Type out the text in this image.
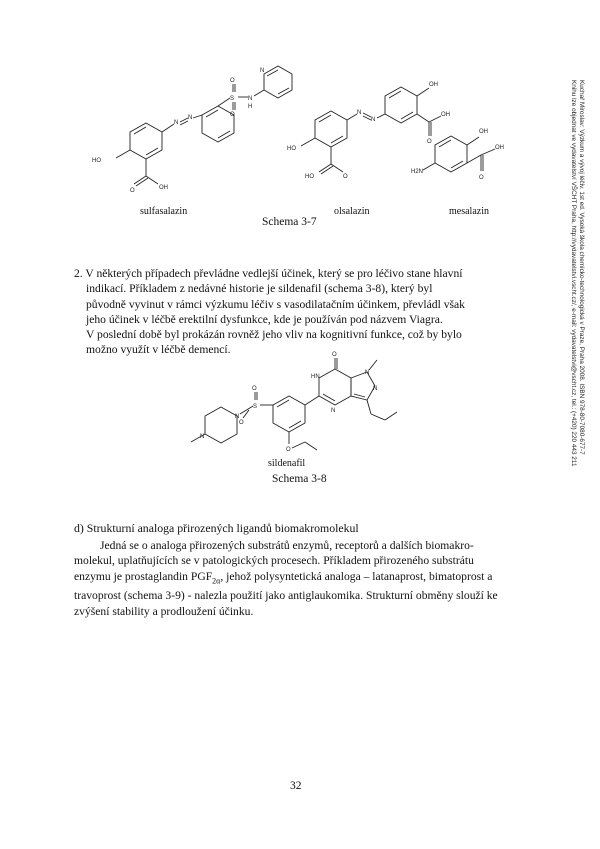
Kuchař Miroslav: Výzkum a vývoj léčiv. 1st ed. Vysoká škola chemicko-technologická v Praze, Praha 2008. ISBN 978-80-7080-677-7
Knihu lze objednat ve vydavatelství VŠCHT Praha, http://vydavatelstvi.vscht.cz/, e-mail: vydavatelstvi@vscht.cz, tel.: (+420) 220 443 211
HO
O	OH
N
N
S
O
O
N
H
N
HO
HO	O
N
N
OH
O
OH
H2N
OH
O
OH
sulfasalazin	olsalazin	mesalazin
Schema 3-7

2. V některých případech převládne vedlejší účinek, který se pro léčivo stane hlavní

indikací. Příkladem z nedávné historie je sildenafil (schema 3-8), který byl

původně vyvinut v rámci výzkumu léčiv s vasodilatačním účinkem, převládl však

jeho účinek v léčbě erektilní dysfunkce, kde je používán pod názvem Viagra.

V poslední době byl prokázán rovněž jeho vliv na kognitivní funkce, což by bylo

možno využít v léčbě demencí.

N
N
S
O
O
O
HN
N
O
N
N
sildenafil
Schema 3-8
d) Strukturní analoga přirozených ligandů biomakromolekul

Jedná se o analoga přirozených substrátů enzymů, receptorů a dalších biomakro-

molekul, uplatňujících se v patologických procesech. Příkladem přirozeného substrátu

enzymu je prostaglandin $PGF_{2\alpha}$, jehož polysyntetická analoga – latanaprost, bimatoprost a

travoprost (schema 3-9) - nalezla použití jako antiglaukomika. Strukturní obměny slouží ke

zvýšení stability a prodloužení účinku.

32
